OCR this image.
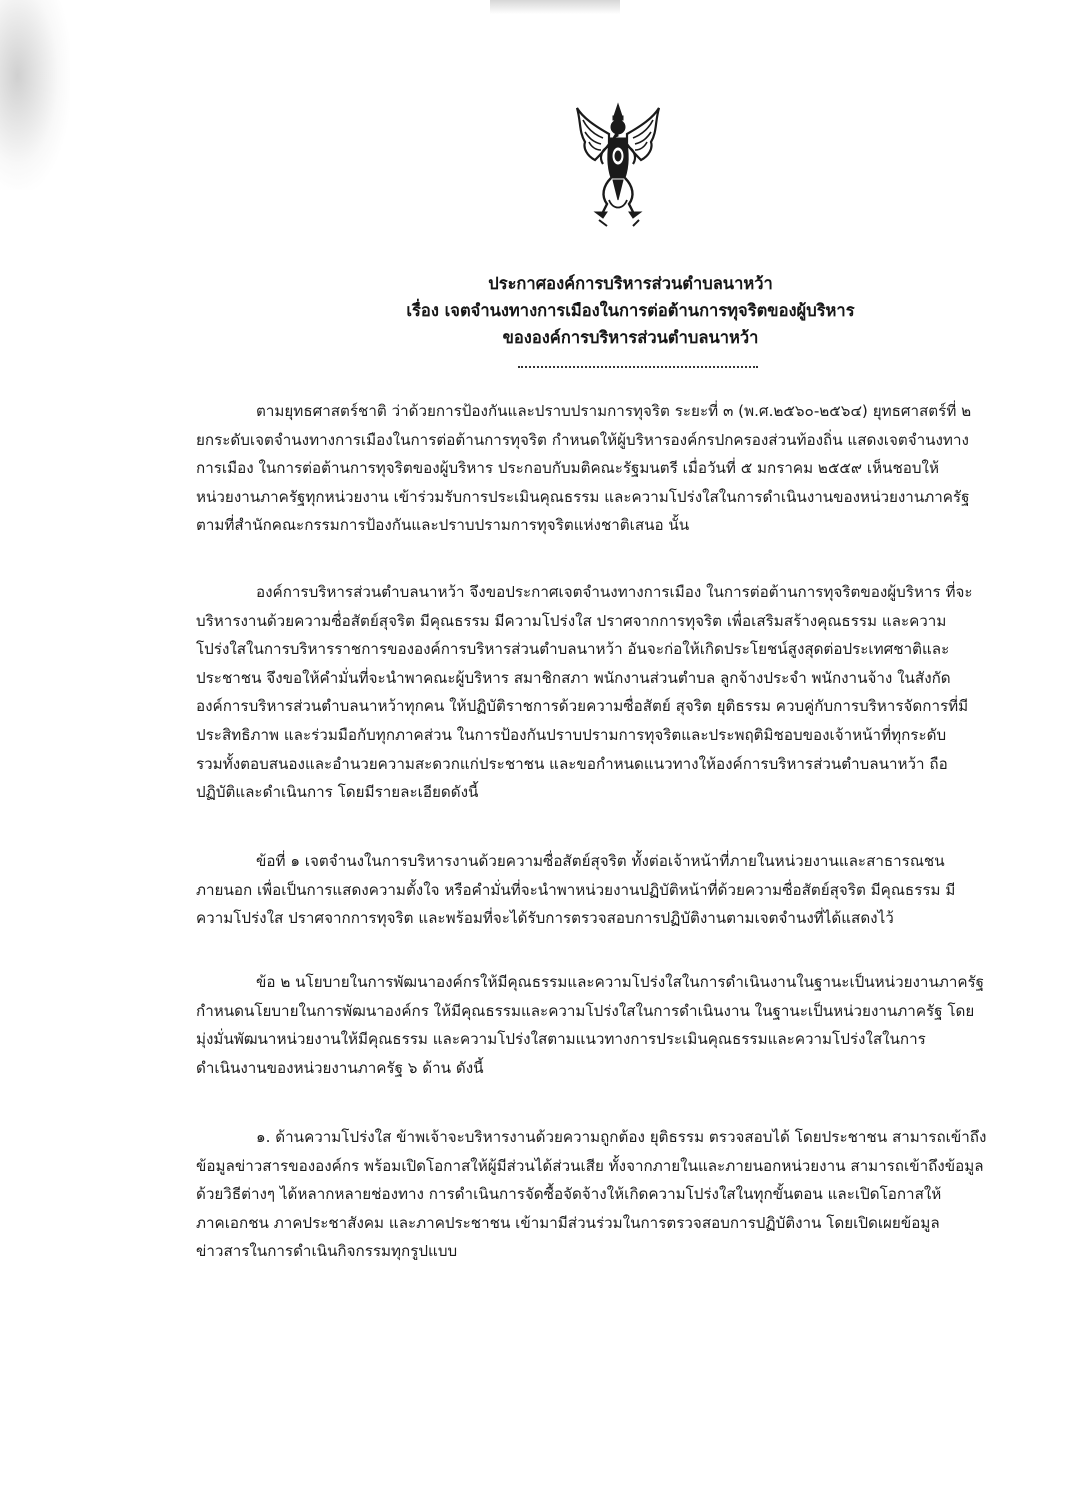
ประกาศองค์การบริหารส่วนตำบลนาหว้า
เรื่อง เจตจำนงทางการเมืองในการต่อต้านการทุจริตของผู้บริหาร
ขององค์การบริหารส่วนตำบลนาหว้า
ตามยุทธศาสตร์ชาติ ว่าด้วยการป้องกันและปราบปรามการทุจริต ระยะที่ ๓ (พ.ศ.๒๕๖๐-๒๕๖๔) ยุทธศาสตร์ที่ ๒
ยกระดับเจตจำนงทางการเมืองในการต่อต้านการทุจริต กำหนดให้ผู้บริหารองค์กรปกครองส่วนท้องถิ่น แสดงเจตจำนงทาง
การเมือง ในการต่อต้านการทุจริตของผู้บริหาร ประกอบกับมติคณะรัฐมนตรี เมื่อวันที่ ๕ มกราคม ๒๕๕๙ เห็นชอบให้
หน่วยงานภาครัฐทุกหน่วยงาน เข้าร่วมรับการประเมินคุณธรรม และความโปร่งใสในการดำเนินงานของหน่วยงานภาครัฐ
ตามที่สำนักคณะกรรมการป้องกันและปราบปรามการทุจริตแห่งชาติเสนอ นั้น
องค์การบริหารส่วนตำบลนาหว้า จึงขอประกาศเจตจำนงทางการเมือง ในการต่อต้านการทุจริตของผู้บริหาร ที่จะ
บริหารงานด้วยความซื่อสัตย์สุจริต มีคุณธรรม มีความโปร่งใส ปราศจากการทุจริต เพื่อเสริมสร้างคุณธรรม และความ
โปร่งใสในการบริหารราชการขององค์การบริหารส่วนตำบลนาหว้า อันจะก่อให้เกิดประโยชน์สูงสุดต่อประเทศชาติและ
ประชาชน จึงขอให้คำมั่นที่จะนำพาคณะผู้บริหาร สมาชิกสภา พนักงานส่วนตำบล ลูกจ้างประจำ พนักงานจ้าง ในสังกัด
องค์การบริหารส่วนตำบลนาหว้าทุกคน ให้ปฏิบัติราชการด้วยความซื่อสัตย์ สุจริต ยุติธรรม ควบคู่กับการบริหารจัดการที่มี
ประสิทธิภาพ และร่วมมือกับทุกภาคส่วน ในการป้องกันปราบปรามการทุจริตและประพฤติมิชอบของเจ้าหน้าที่ทุกระดับ
รวมทั้งตอบสนองและอำนวยความสะดวกแก่ประชาชน และขอกำหนดแนวทางให้องค์การบริหารส่วนตำบลนาหว้า ถือ
ปฏิบัติและดำเนินการ โดยมีรายละเอียดดังนี้
ข้อที่ ๑ เจตจำนงในการบริหารงานด้วยความซื่อสัตย์สุจริต ทั้งต่อเจ้าหน้าที่ภายในหน่วยงานและสาธารณชน
ภายนอก เพื่อเป็นการแสดงความตั้งใจ หรือคำมั่นที่จะนำพาหน่วยงานปฏิบัติหน้าที่ด้วยความซื่อสัตย์สุจริต มีคุณธรรม มี
ความโปร่งใส ปราศจากการทุจริต และพร้อมที่จะได้รับการตรวจสอบการปฏิบัติงานตามเจตจำนงที่ได้แสดงไว้
ข้อ ๒ นโยบายในการพัฒนาองค์กรให้มีคุณธรรมและความโปร่งใสในการดำเนินงานในฐานะเป็นหน่วยงานภาครัฐ
กำหนดนโยบายในการพัฒนาองค์กร ให้มีคุณธรรมและความโปร่งใสในการดำเนินงาน ในฐานะเป็นหน่วยงานภาครัฐ โดย
มุ่งมั่นพัฒนาหน่วยงานให้มีคุณธรรม และความโปร่งใสตามแนวทางการประเมินคุณธรรมและความโปร่งใสในการ
ดำเนินงานของหน่วยงานภาครัฐ ๖ ด้าน ดังนี้
๑. ด้านความโปร่งใส ข้าพเจ้าจะบริหารงานด้วยความถูกต้อง ยุติธรรม ตรวจสอบได้ โดยประชาชน สามารถเข้าถึง
ข้อมูลข่าวสารขององค์กร พร้อมเปิดโอกาสให้ผู้มีส่วนได้ส่วนเสีย ทั้งจากภายในและภายนอกหน่วยงาน สามารถเข้าถึงข้อมูล
ด้วยวิธีต่างๆ ได้หลากหลายช่องทาง การดำเนินการจัดซื้อจัดจ้างให้เกิดความโปร่งใสในทุกขั้นตอน และเปิดโอกาสให้
ภาคเอกชน ภาคประชาสังคม และภาคประชาชน เข้ามามีส่วนร่วมในการตรวจสอบการปฏิบัติงาน โดยเปิดเผยข้อมูล
ข่าวสารในการดำเนินกิจกรรมทุกรูปแบบ
